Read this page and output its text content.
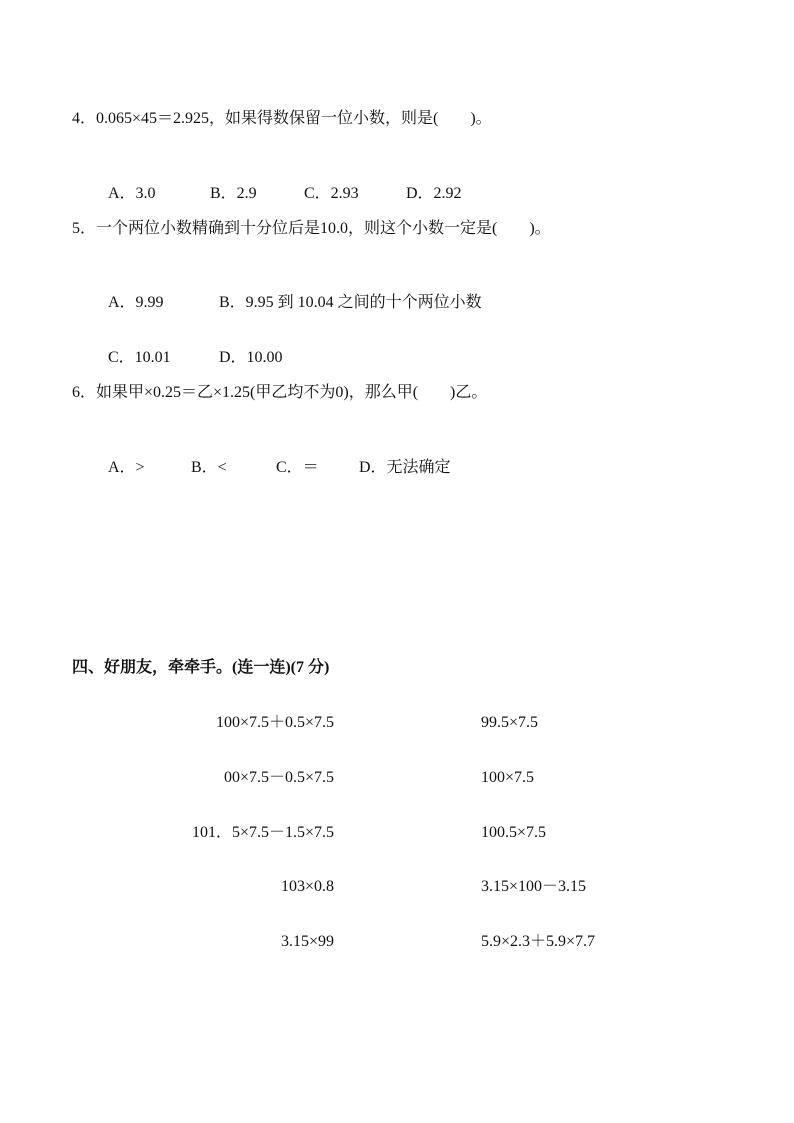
4．0.065×45＝2.925，如果得数保留一位小数，则是(　　)。

A．3.0	B．2.9	C．2.93	D．2.92

5．一个两位小数精确到十分位后是10.0，则这个小数一定是(　　)。

A．9.99	B．9.95 到 10.04 之间的十个两位小数

C．10.01	D．10.00

6．如果甲×0.25＝乙×1.25(甲乙均不为0)，那么甲(　　)乙。

A．>	B．<	C．＝	D．无法确定

四、好朋友，牵牵手。(连一连)(7 分)
100×7.5＋0.5×7.5
00×7.5－0.5×7.5
101．5×7.5－1.5×7.5
103×0.8
3.15×99
99.5×7.5
100×7.5
100.5×7.5
3.15×100－3.15
5.9×2.3＋5.9×7.7
